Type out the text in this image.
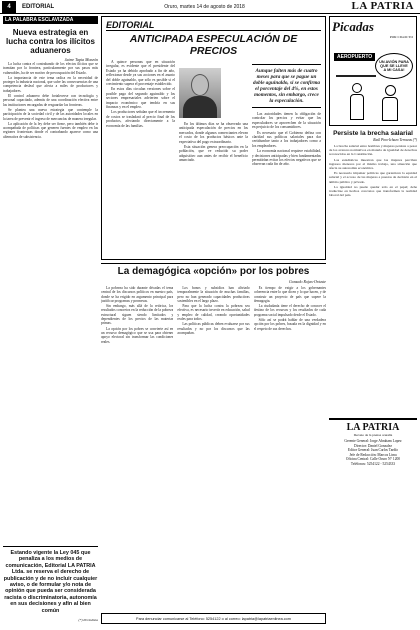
4	EDITORIAL	Oruro, martes 14 de agosto de 2018	LA PATRIA
LA PALABRA ESCLAVIZADA
Nueva estrategia en lucha contra los ilícitos aduaneros
Jaime Tapia Monzón

La lucha contra el contrabando de los efectos ilícitos que se tramitan por la frontera, particularmente por sus pasos más vulnerables, ha de ser motivo de preocupación del Estado.

La importancia de este tema radica en la necesidad de proteger la industria nacional, que sufre las consecuencias de una competencia desleal que afecta a miles de productores y trabajadores.

El control aduanero debe fortalecerse con tecnología y personal capacitado, además de una coordinación efectiva entre las instituciones encargadas de resguardar las fronteras.

Se plantea una nueva estrategia que contemple la participación de la sociedad civil y de las autoridades locales en la tarea de prevenir el ingreso de mercancías de manera irregular.

La aplicación de la ley debe ser firme, pero también debe ir acompañada de políticas que generen fuentes de empleo en las regiones fronterizas donde el contrabando aparece como una alternativa de subsistencia.

Estando vigente la Ley 045 que penaliza a los medios de comunicación, Editorial LA PATRIA Ltda. se reserva el derecho de publicación y de no incluir cualquier aviso, o de formular y/o nota de opinión que pueda ser considerada racista o discriminatoria, autonomía en sus decisiones y afín al bien común
(*) Periodista
EDITORIAL
ANTICIPADA ESPECULACIÓN DE PRECIOS

A quince personas que en situación irregular, es evidente que el presidente del Estado ya ha debido aprobado a fin de año, reflexionar desde ya sus acciones en el asunto del doble aguinaldo, que sólo es posible si el crecimiento supera el porcentaje establecido.

En estos días circulan versiones sobre el posible pago del segundo aguinaldo y los sectores empresariales advierten sobre el impacto económico que tendría en sus finanzas y en el empleo.

Los productores señalan que el incremento de costos se trasladará al precio final de los productos, afectando directamente a la economía de las familias.	En los últimos días se ha observado una anticipada especulación de precios en los mercados, donde algunos comerciantes elevan el costo de los productos básicos ante la expectativa del pago extraordinario.

Esta situación genera preocupación en la población, que ve reducido su poder adquisitivo aun antes de recibir el beneficio anunciado.

Aunque falten más de cuatro meses para que se pague un doble aguinaldo, si se confirma el porcentaje del 4%, en estos momentos, sin embargo, crece la especulación.

Las autoridades tienen la obligación de controlar los precios y evitar que los especuladores se aprovechen de la situación en perjuicio de los consumidores.

Es necesario que el Gobierno defina con claridad sus políticas salariales para dar certidumbre tanto a los trabajadores como a los empleadores.

La economía nacional requiere estabilidad, y decisiones anticipadas y bien fundamentadas permitirían evitar los efectos negativos que se observan cada fin de año.

La demagógica «opción» por los pobres
Gonzalo Rojas-Ortuste

La pobreza ha sido durante décadas el tema central de los discursos políticos en nuestro país, donde se ha erigido en argumento principal para justificar programas y promesas.

Sin embargo, más allá de la retórica, los resultados concretos en la reducción de la pobreza estructural siguen siendo limitados y dependientes de los precios de las materias primas.

La opción por los pobres se convierte así en un recurso demagógico que se usa para obtener apoyo electoral sin transformar las condiciones reales.

Los bonos y subsidios han aliviado temporalmente la situación de muchas familias, pero no han generado capacidades productivas sostenibles en el largo plazo.

Para que la lucha contra la pobreza sea efectiva, es necesario invertir en educación, salud y empleo de calidad, creando oportunidades reales para todos.

Las políticas públicas deben evaluarse por sus resultados y no por los discursos que las acompañan.

Es tiempo de exigir a los gobernantes coherencia entre lo que dicen y lo que hacen, y de construir un proyecto de país que supere la demagogia.

La ciudadanía tiene el derecho de conocer el destino de los recursos y los resultados de cada programa social impulsado desde el Estado.

Sólo así se podrá hablar de una verdadera opción por los pobres, basada en la dignidad y en el respeto de sus derechos.

Para denunciar comunicarse al Teléfono: 5254122 o al correo: lapatria@lapatriaenlinea.com
Picadas
POR CIGOCTO
AEROPUERTO
UN AVIÓN PARA QUE SE LLEVE A MI CASA!
Persiste la brecha salarial
Raúl Pino-Ichazo Terrazas (*)

La brecha salarial entre hombres y mujeres persiste a pesar de los avances normativos en materia de igualdad de derechos reconocidos en la Constitución.

Las estadísticas muestran que las mujeres perciben ingresos menores por el mismo trabajo, una situación que afecta su autonomía económica.

Es necesario impulsar políticas que garanticen la equidad salarial y el acceso de las mujeres a puestos de decisión en el ámbito público y privado.

La igualdad no puede quedar sólo en el papel; debe traducirse en hechos concretos que transformen la realidad laboral del país.

LA PATRIA
Decano de la prensa orureña
Gerente General: Jorge Abraham Lopez
Director: Daniel Gonzalez
Editor General: Juan Carlos Tardío
Jefe de Redacción: Marcos Lima
Oficina Central: Calle Oruro N° 1200
Teléfonos: 5254122 - 5254333
